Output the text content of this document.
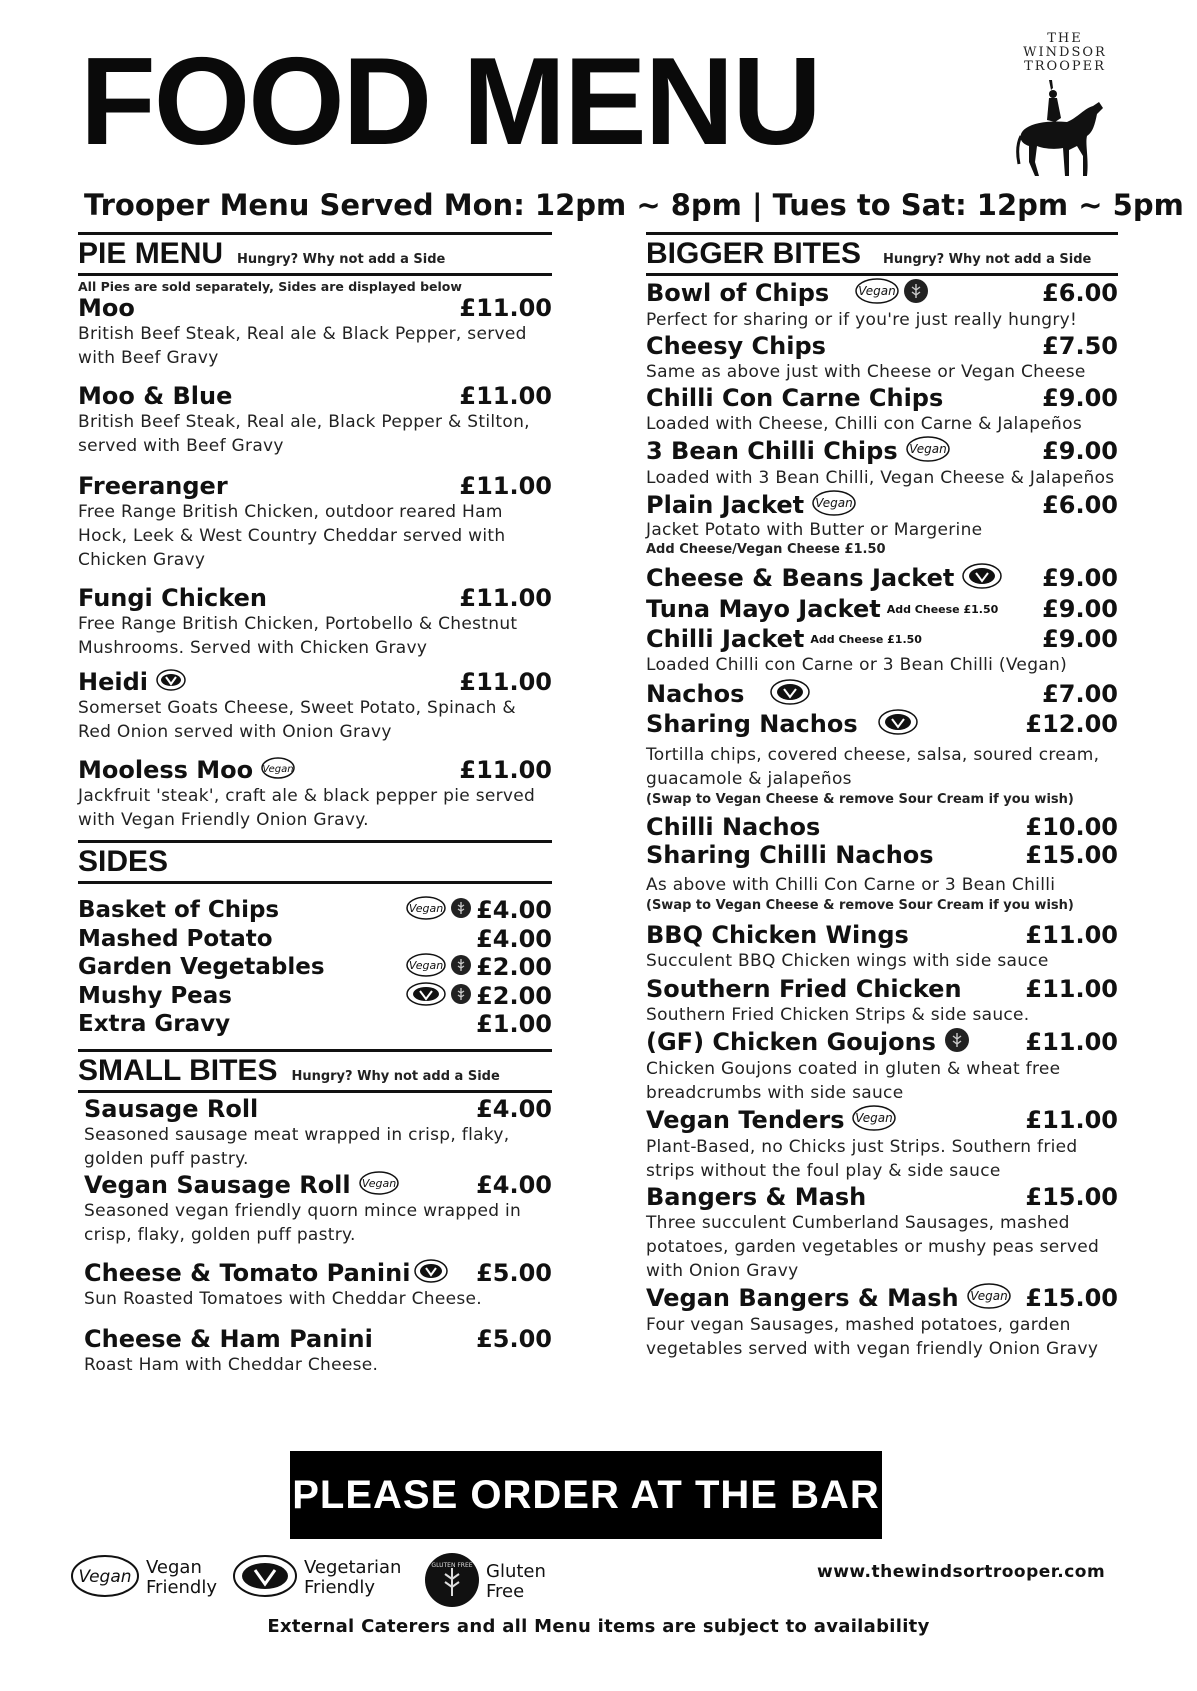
FOOD MENU	THE
WINDSOR
TROOPER
Trooper Menu Served Mon: 12pm ~ 8pm | Tues to Sat: 12pm ~ 5pm
PIE MENU Hungry? Why not add a Side
All Pies are sold separately, Sides are displayed below
Moo	£11.00
British Beef Steak, Real ale & Black Pepper, served with Beef Gravy
Moo & Blue	£11.00
British Beef Steak, Real ale, Black Pepper & Stilton, served with Beef Gravy
Freeranger	£11.00
Free Range British Chicken, outdoor reared Ham Hock, Leek & West Country Cheddar served with Chicken Gravy
Fungi Chicken	£11.00
Free Range British Chicken, Portobello & Chestnut Mushrooms. Served with Chicken Gravy
Heidi	£11.00
Somerset Goats Cheese, Sweet Potato, Spinach & Red Onion served with Onion Gravy
Mooless Moo Vegan	£11.00
Jackfruit 'steak', craft ale & black pepper pie served with Vegan Friendly Onion Gravy.
SIDES
Basket of Chips	Vegan £4.00
Mashed Potato	£4.00
Garden Vegetables	Vegan £2.00
Mushy Peas	£2.00
Extra Gravy	£1.00
SMALL BITES Hungry? Why not add a Side
Sausage Roll	£4.00
Seasoned sausage meat wrapped in crisp, flaky, golden puff pastry.
Vegan Sausage Roll Vegan	£4.00
Seasoned vegan friendly quorn mince wrapped in crisp, flaky, golden puff pastry.
Cheese & Tomato Panini	£5.00
Sun Roasted Tomatoes with Cheddar Cheese.
Cheese & Ham Panini	£5.00
Roast Ham with Cheddar Cheese.
BIGGER BITES Hungry? Why not add a Side
Bowl of Chips Vegan	£6.00
Perfect for sharing or if you're just really hungry!
Cheesy Chips	£7.50
Same as above just with Cheese or Vegan Cheese
Chilli Con Carne Chips	£9.00
Loaded with Cheese, Chilli con Carne & Jalapeños
3 Bean Chilli Chips Vegan	£9.00
Loaded with 3 Bean Chilli, Vegan Cheese & Jalapeños
Plain Jacket Vegan	£6.00
Jacket Potato with Butter or Margerine
Add Cheese/Vegan Cheese £1.50
Cheese & Beans Jacket	£9.00
Tuna Mayo Jacket Add Cheese £1.50 £9.00
Chilli Jacket Add Cheese £1.50	£9.00
Loaded Chilli con Carne or 3 Bean Chilli (Vegan)
Nachos	£7.00
Sharing Nachos	£12.00
Tortilla chips, covered cheese, salsa, soured cream, guacamole & jalapeños
(Swap to Vegan Cheese & remove Sour Cream if you wish)
Chilli Nachos	£10.00
Sharing Chilli Nachos	£15.00
As above with Chilli Con Carne or 3 Bean Chilli
(Swap to Vegan Cheese & remove Sour Cream if you wish)
BBQ Chicken Wings	£11.00
Succulent BBQ Chicken wings with side sauce
Southern Fried Chicken	£11.00
Southern Fried Chicken Strips & side sauce.
(GF) Chicken Goujons	£11.00
Chicken Goujons coated in gluten & wheat free breadcrumbs with side sauce
Vegan Tenders Vegan	£11.00
Plant-Based, no Chicks just Strips. Southern fried strips without the foul play & side sauce
Bangers & Mash	£15.00
Three succulent Cumberland Sausages, mashed potatoes, garden vegetables or mushy peas served with Onion Gravy
Vegan Bangers & Mash Vegan £15.00
Four vegan Sausages, mashed potatoes, garden vegetables served with vegan friendly Onion Gravy
PLEASE ORDER AT THE BAR
Vegan Vegan
Friendly
Vegetarian
Friendly
GLUTEN FREE Gluten
Free
www.thewindsortrooper.com
External Caterers and all Menu items are subject to availability
